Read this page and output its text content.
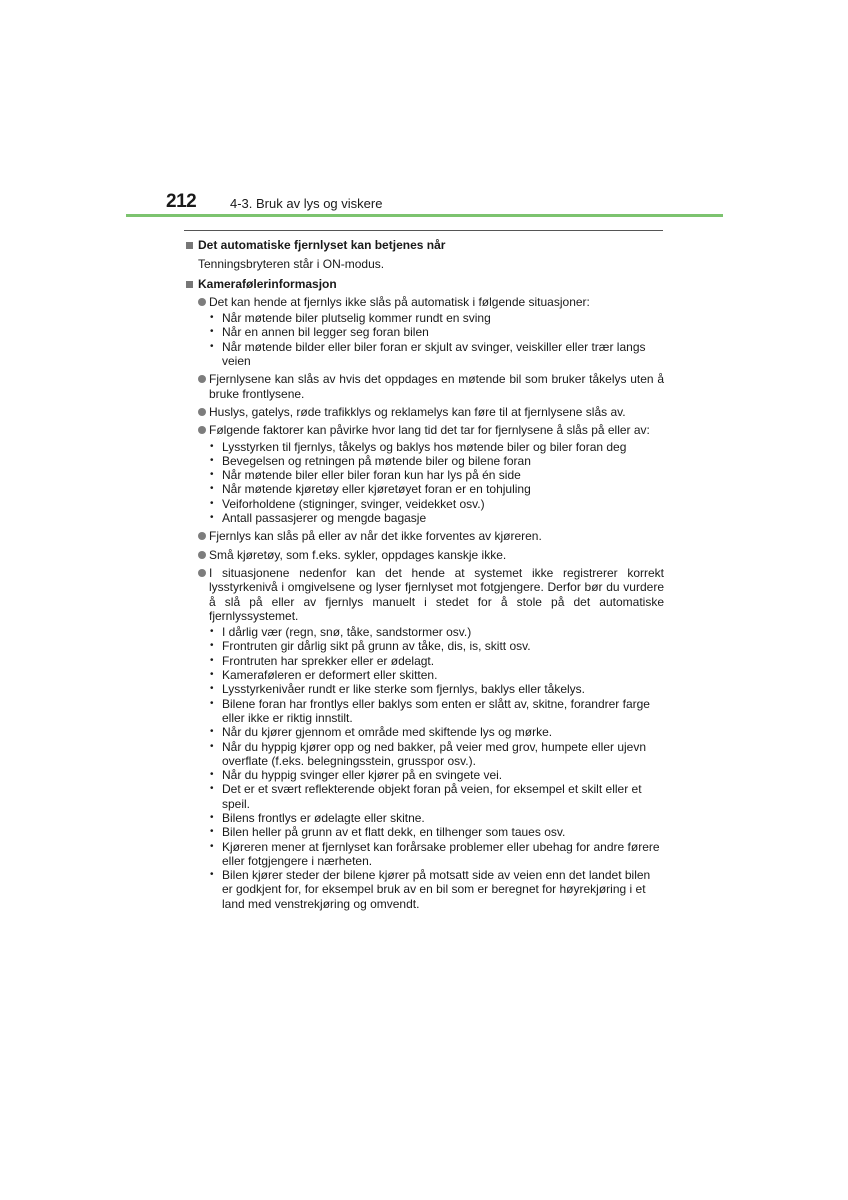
212	4-3. Bruk av lys og viskere
Det automatiske fjernlyset kan betjenes når
Tenningsbryteren står i ON-modus.
Kamerafølerinformasjon
Det kan hende at fjernlys ikke slås på automatisk i følgende situasjoner:
• Når møtende biler plutselig kommer rundt en sving
• Når en annen bil legger seg foran bilen
• Når møtende bilder eller biler foran er skjult av svinger, veiskiller eller trær langs veien
Fjernlysene kan slås av hvis det oppdages en møtende bil som bruker tåkelys uten å bruke frontlysene.
Huslys, gatelys, røde trafikklys og reklamelys kan føre til at fjernlysene slås av.
Følgende faktorer kan påvirke hvor lang tid det tar for fjernlysene å slås på eller av:
• Lysstyrken til fjernlys, tåkelys og baklys hos møtende biler og biler foran deg
• Bevegelsen og retningen på møtende biler og bilene foran
• Når møtende biler eller biler foran kun har lys på én side
• Når møtende kjøretøy eller kjøretøyet foran er en tohjuling
• Veiforholdene (stigninger, svinger, veidekket osv.)
• Antall passasjerer og mengde bagasje
Fjernlys kan slås på eller av når det ikke forventes av kjøreren.
Små kjøretøy, som f.eks. sykler, oppdages kanskje ikke.
I situasjonene nedenfor kan det hende at systemet ikke registrerer korrekt lysstyrkenivå i omgivelsene og lyser fjernlyset mot fotgjengere. Derfor bør du vurdere å slå på eller av fjernlys manuelt i stedet for å stole på det automatiske fjernlyssystemet.
• I dårlig vær (regn, snø, tåke, sandstormer osv.)
• Frontruten gir dårlig sikt på grunn av tåke, dis, is, skitt osv.
• Frontruten har sprekker eller er ødelagt.
• Kameraføleren er deformert eller skitten.
• Lysstyrkenivåer rundt er like sterke som fjernlys, baklys eller tåkelys.
• Bilene foran har frontlys eller baklys som enten er slått av, skitne, forandrer farge eller ikke er riktig innstilt.
• Når du kjører gjennom et område med skiftende lys og mørke.
• Når du hyppig kjører opp og ned bakker, på veier med grov, humpete eller ujevn overflate (f.eks. belegningsstein, grusspor osv.).
• Når du hyppig svinger eller kjører på en svingete vei.
• Det er et svært reflekterende objekt foran på veien, for eksempel et skilt eller et speil.
• Bilens frontlys er ødelagte eller skitne.
• Bilen heller på grunn av et flatt dekk, en tilhenger som taues osv.
• Kjøreren mener at fjernlyset kan forårsake problemer eller ubehag for andre førere eller fotgjengere i nærheten.
• Bilen kjører steder der bilene kjører på motsatt side av veien enn det landet bilen er godkjent for, for eksempel bruk av en bil som er beregnet for høyrekjøring i et land med venstrekjøring og omvendt.
